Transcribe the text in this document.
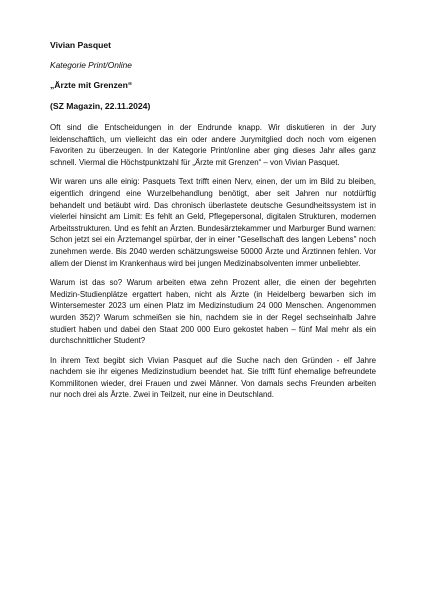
Vivian Pasquet

Kategorie Print/Online

„Ärzte mit Grenzen“

(SZ Magazin, 22.11.2024)

Oft sind die Entscheidungen in der Endrunde knapp. Wir diskutieren in der Jury leidenschaftlich, um vielleicht das ein oder andere Jurymitglied doch noch vom eigenen Favoriten zu überzeugen. In der Kategorie Print/online aber ging dieses Jahr alles ganz schnell. Viermal die Höchstpunktzahl für „Ärzte mit Grenzen“ – von Vivian Pasquet.

Wir waren uns alle einig: Pasquets Text trifft einen Nerv, einen, der um im Bild zu bleiben, eigentlich dringend eine Wurzelbehandlung benötigt, aber seit Jahren nur notdürftig behandelt und betäubt wird. Das chronisch überlastete deutsche Gesundheitssystem ist in vielerlei hinsicht am Limit: Es fehlt an Geld, Pflegepersonal, digitalen Strukturen, modernen Arbeitsstrukturen. Und es fehlt an Ärzten. Bundesärztekammer und Marburger Bund warnen: Schon jetzt sei ein Ärztemangel spürbar, der in einer "Gesellschaft des langen Lebens" noch zunehmen werde. Bis 2040 werden schätzungsweise 50000 Ärzte und Ärztinnen fehlen. Vor allem der Dienst im Krankenhaus wird bei jungen Medizinabsolventen immer unbeliebter.

Warum ist das so? Warum arbeiten etwa zehn Prozent aller, die einen der begehrten Medizin-Studienplätze ergattert haben, nicht als Ärzte (in Heidelberg bewarben sich im Wintersemester 2023 um einen Platz im Medizinstudium 24 000 Menschen. Angenommen wurden 352)? Warum schmeißen sie hin, nachdem sie in der Regel sechseinhalb Jahre studiert haben und dabei den Staat 200 000 Euro gekostet haben – fünf Mal mehr als ein durchschnittlicher Student?

In ihrem Text begibt sich Vivian Pasquet auf die Suche nach den Gründen - elf Jahre nachdem sie ihr eigenes Medizinstudium beendet hat. Sie trifft fünf ehemalige befreundete Kommilitonen wieder, drei Frauen und zwei Männer. Von damals sechs Freunden arbeiten nur noch drei als Ärzte. Zwei in Teilzeit, nur eine in Deutschland.
